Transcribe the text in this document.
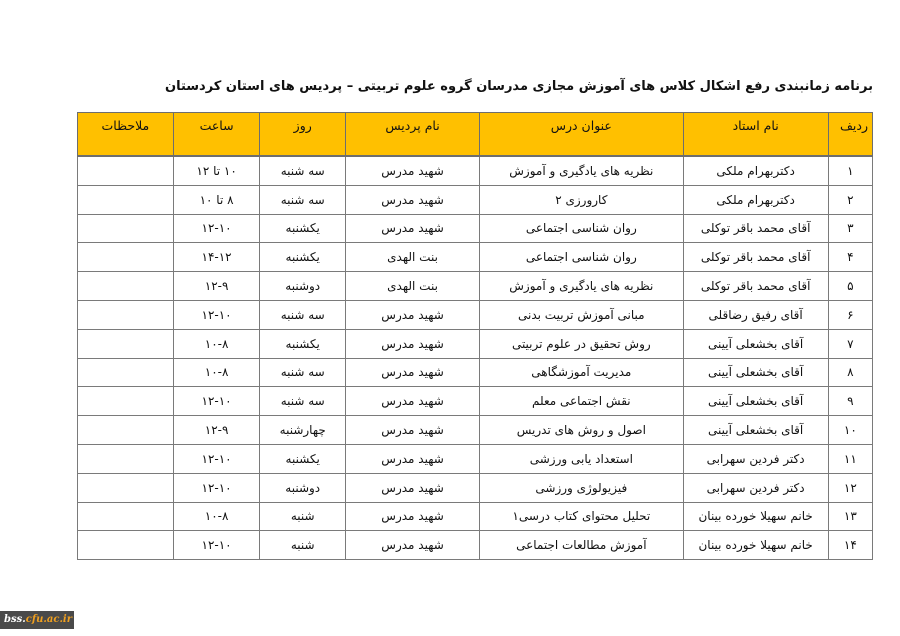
برنامه زمانبندی رفع اشکال کلاس های آموزش مجازی مدرسان گروه علوم تربیتی – پردیس های استان کردستان
ردیف	نام استاد	عنوان درس	نام پردیس	روز	ساعت	ملاحظات
۱	دکتربهرام ملکی	نظریه های یادگیری و آموزش	شهید مدرس	سه شنبه	۱۰ تا ۱۲	
۲	دکتربهرام ملکی	کارورزی ۲	شهید مدرس	سه شنبه	۸ تا ۱۰	
۳	آقای محمد باقر توکلی	روان شناسی اجتماعی	شهید مدرس	یکشنبه	۱۲-۱۰	
۴	آقای محمد باقر توکلی	روان شناسی اجتماعی	بنت الهدی	یکشنبه	۱۴-۱۲	
۵	آقای محمد باقر توکلی	نظریه های یادگیری و آموزش	بنت الهدی	دوشنبه	۱۲-۹	
۶	آقای رفیق رضاقلی	مبانی آموزش تربیت بدنی	شهید مدرس	سه شنبه	۱۲-۱۰	
۷	آقای بخشعلی آیینی	روش تحقیق در علوم تربیتی	شهید مدرس	یکشنبه	۱۰-۸	
۸	آقای بخشعلی آیینی	مدیریت آموزشگاهی	شهید مدرس	سه شنبه	۱۰-۸	
۹	آقای بخشعلی آیینی	نقش اجتماعی معلم	شهید مدرس	سه شنبه	۱۲-۱۰	
۱۰	آقای بخشعلی آیینی	اصول و روش های تدریس	شهید مدرس	چهارشنبه	۱۲-۹	
۱۱	دکتر فردین سهرابی	استعداد یابی ورزشی	شهید مدرس	یکشنبه	۱۲-۱۰	
۱۲	دکتر فردین سهرابی	فیزیولوژی ورزشی	شهید مدرس	دوشنبه	۱۲-۱۰	
۱۳	خانم سهیلا خورده بینان	تحلیل محتوای کتاب درسی۱	شهید مدرس	شنبه	۱۰-۸	
۱۴	خانم سهیلا خورده بینان	آموزش مطالعات اجتماعی	شهید مدرس	شنبه	۱۲-۱۰	
bss.cfu.ac.ir
